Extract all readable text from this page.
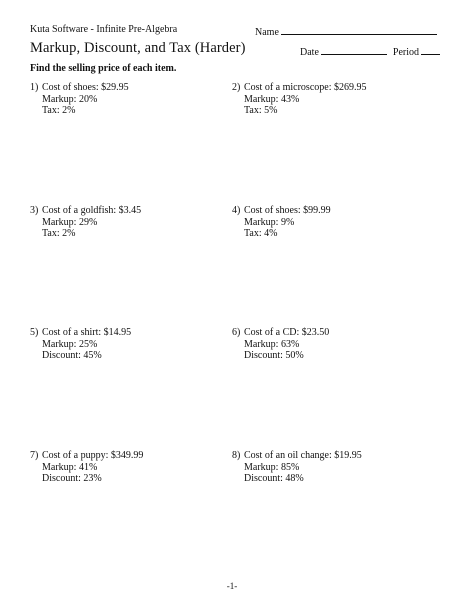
Kuta Software - Infinite Pre-Algebra	Name
Markup, Discount, and Tax (Harder)	Date	Period
Find the selling price of each item.
1) Cost of shoes: $29.95
Markup: 20%
Tax: 2%
2) Cost of a microscope: $269.95
Markup: 43%
Tax: 5%
3) Cost of a goldfish: $3.45
Markup: 29%
Tax: 2%
4) Cost of shoes: $99.99
Markup: 9%
Tax: 4%
5) Cost of a shirt: $14.95
Markup: 25%
Discount: 45%
6) Cost of a CD: $23.50
Markup: 63%
Discount: 50%
7) Cost of a puppy: $349.99
Markup: 41%
Discount: 23%
8) Cost of an oil change: $19.95
Markup: 85%
Discount: 48%
-1-
